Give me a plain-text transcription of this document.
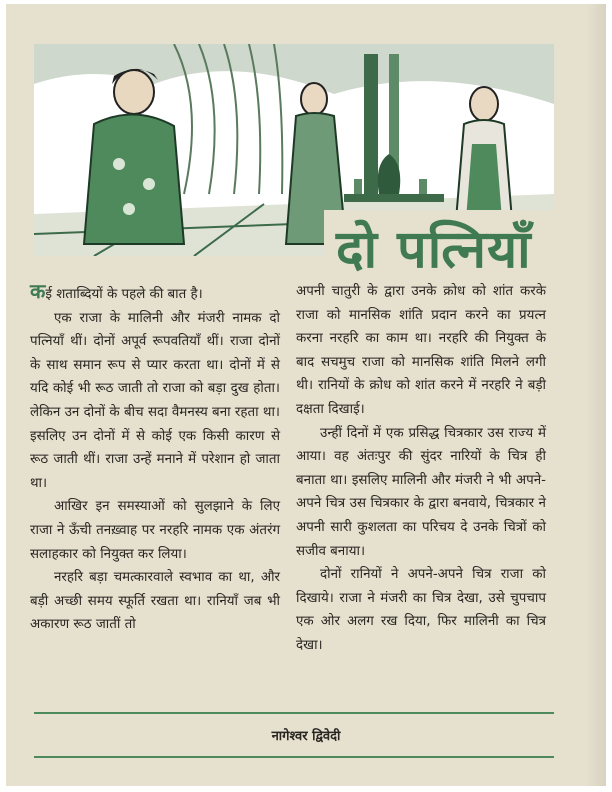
दो पत्नियाँ

कई शताब्दियों के पहले की बात है।

एक राजा के मालिनी और मंजरी नामक दो पत्नियाँ थीं। दोनों अपूर्व रूपवतियाँ थीं। राजा दोनों के साथ समान रूप से प्यार करता था। दोनों में से यदि कोई भी रूठ जाती तो राजा को बड़ा दुख होता। लेकिन उन दोनों के बीच सदा वैमनस्य बना रहता था। इसलिए उन दोनों में से कोई एक किसी कारण से रूठ जाती थीं। राजा उन्हें मनाने में परेशान हो जाता था।

आखिर इन समस्याओं को सुलझाने के लिए राजा ने ऊँची तनख़्वाह पर नरहरि नामक एक अंतरंग सलाहकार को नियुक्त कर लिया।

नरहरि बड़ा चमत्कारवाले स्वभाव का था, और बड़ी अच्छी समय स्फूर्ति रखता था। रानियाँ जब भी अकारण रूठ जातीं तो

अपनी चातुरी के द्वारा उनके क्रोध को शांत करके राजा को मानसिक शांति प्रदान करने का प्रयत्न करना नरहरि का काम था। नरहरि की नियुक्त के बाद सचमुच राजा को मानसिक शांति मिलने लगी थी। रानियों के क्रोध को शांत करने में नरहरि ने बड़ी दक्षता दिखाई।

उन्हीं दिनों में एक प्रसिद्ध चित्रकार उस राज्य में आया। वह अंतःपुर की सुंदर नारियों के चित्र ही बनाता था। इसलिए मालिनी और मंजरी ने भी अपने-अपने चित्र उस चित्रकार के द्वारा बनवाये, चित्रकार ने अपनी सारी कुशलता का परिचय दे उनके चित्रों को सजीव बनाया।

दोनों रानियों ने अपने-अपने चित्र राजा को दिखाये। राजा ने मंजरी का चित्र देखा, उसे चुपचाप एक ओर अलग रख दिया, फिर मालिनी का चित्र देखा।

नागेश्वर द्विवेदी
